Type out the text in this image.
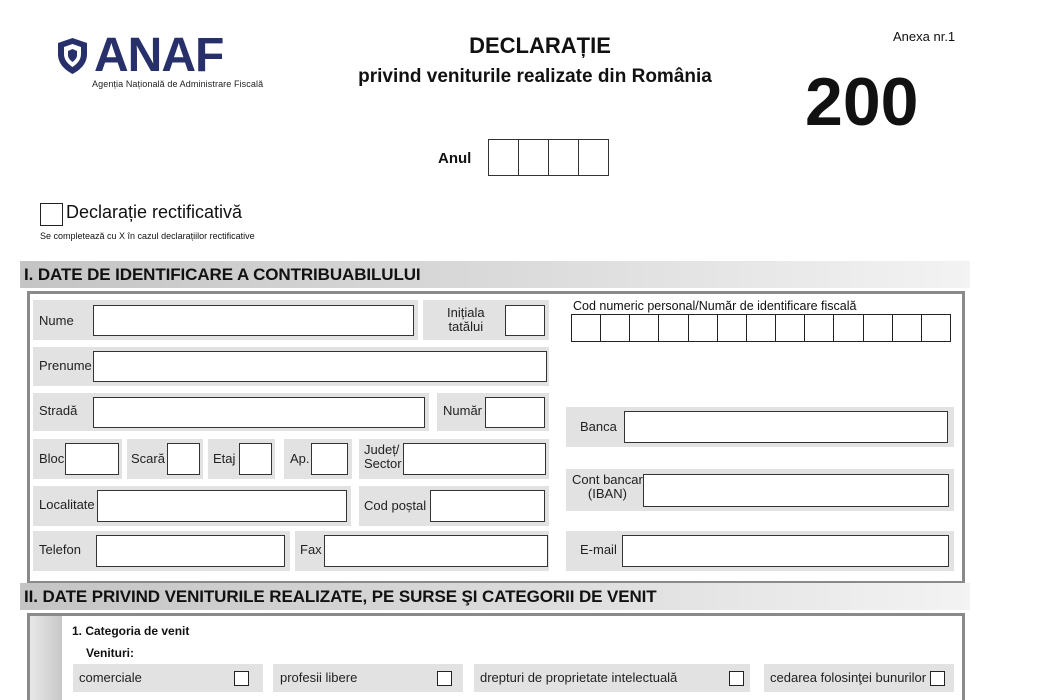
ANAF
Agenția Națională de Administrare Fiscală
DECLARAȚIE
privind veniturile realizate din România
Anexa nr.1
200
Anul
Declarație rectificativă
Se completează cu X în cazul declarațiilor rectificative
I. DATE DE IDENTIFICARE A CONTRIBUABILULUI
Nume
Inițiala
tatălui
Prenume
Stradă	Număr
Bloc	Scară	Etaj	Ap.
Județ/
Sector
Localitate	Cod poștal
Telefon	Fax
Cod numeric personal/Număr de identificare fiscală
Banca
Cont bancar
(IBAN)
E-mail
II. DATE PRIVIND VENITURILE REALIZATE, PE SURSE ŞI CATEGORII DE VENIT
1. Categoria de venit
Venituri:
comerciale	profesii libere	drepturi de proprietate intelectuală	cedarea folosinţei bunurilor
